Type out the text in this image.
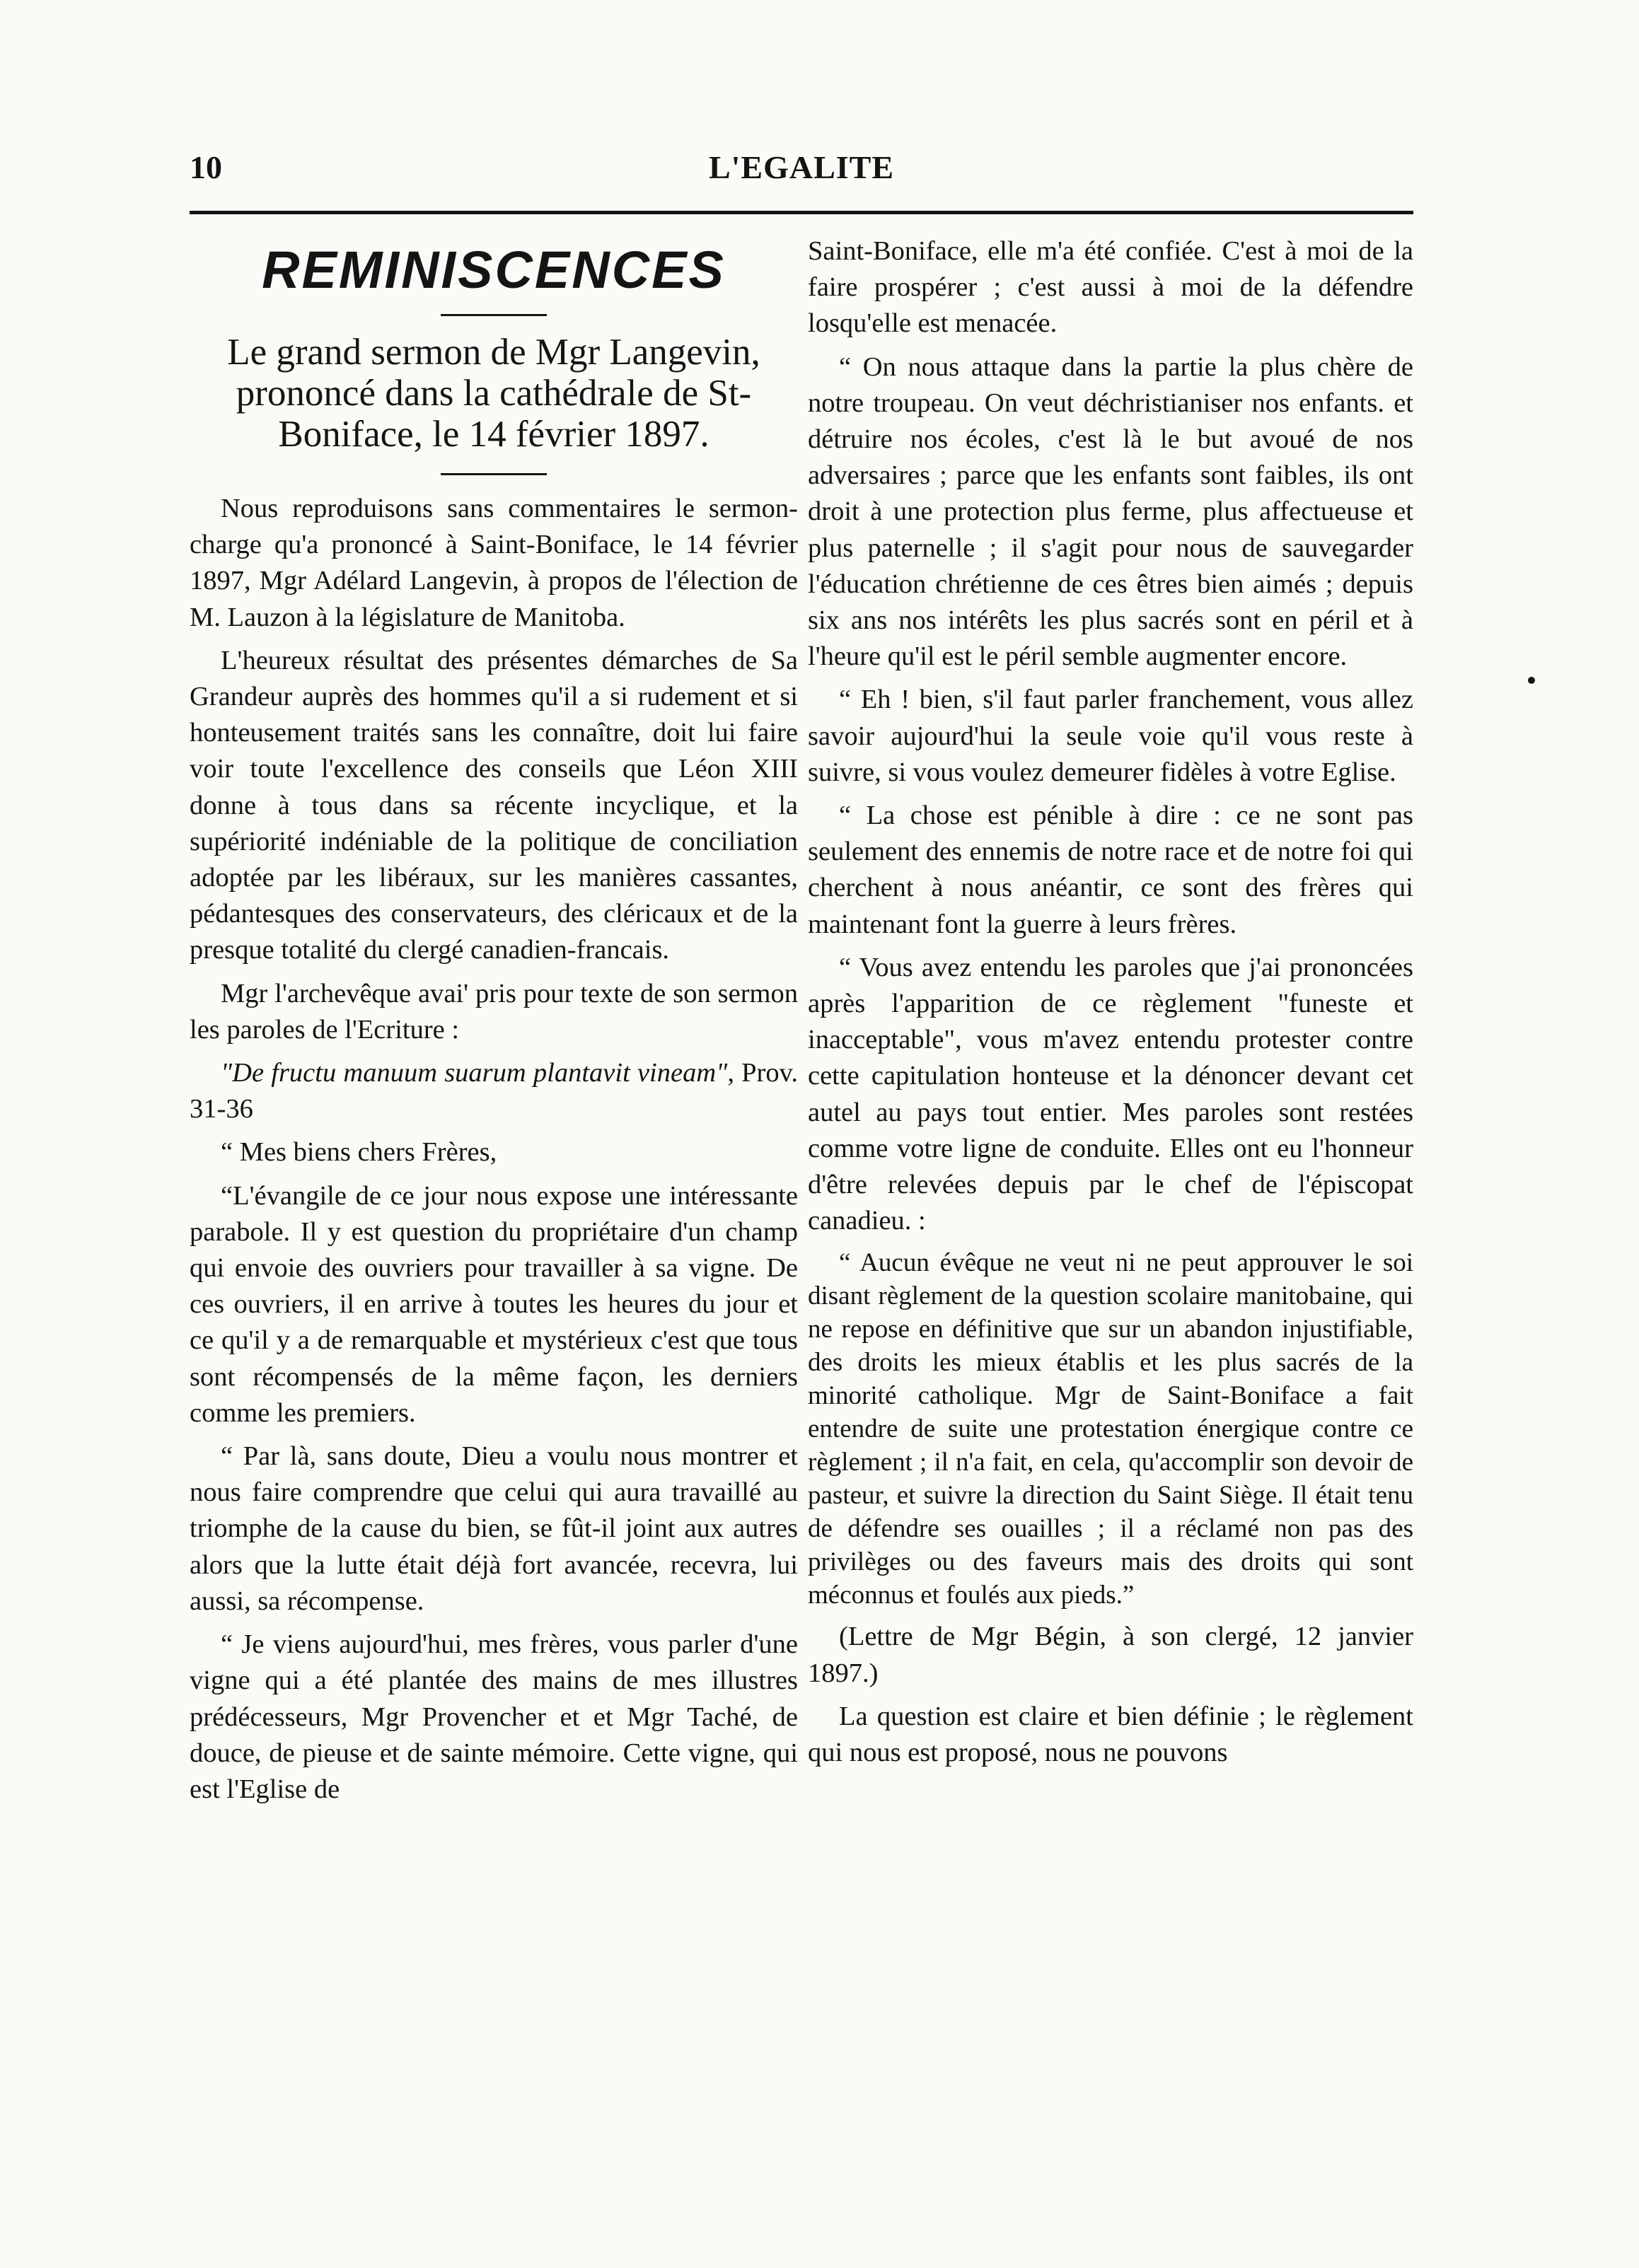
10	L'EGALITE
REMINISCENCES
Le grand sermon de Mgr Langevin, prononcé dans la cathédrale de St-Boniface, le 14 février 1897.

Nous reproduisons sans commentaires le sermon-charge qu'a prononcé à Saint-Boniface, le 14 février 1897, Mgr Adélard Langevin, à propos de l'élection de M. Lauzon à la législature de Manitoba.

L'heureux résultat des présentes démarches de Sa Grandeur auprès des hommes qu'il a si rudement et si honteusement traités sans les connaître, doit lui faire voir toute l'excellence des conseils que Léon XIII donne à tous dans sa récente incyclique, et la supériorité indéniable de la politique de conciliation adoptée par les libéraux, sur les manières cassantes, pédantesques des conservateurs, des cléricaux et de la presque totalité du clergé canadien-francais.

Mgr l'archevêque avai' pris pour texte de son sermon les paroles de l'Ecriture :

"De fructu manuum suarum plantavit vineam", Prov. 31-36

“ Mes biens chers Frères,

“L'évangile de ce jour nous expose une intéressante parabole. Il y est question du propriétaire d'un champ qui envoie des ouvriers pour travailler à sa vigne. De ces ouvriers, il en arrive à toutes les heures du jour et ce qu'il y a de remarquable et mystérieux c'est que tous sont récompensés de la même façon, les derniers comme les premiers.

“ Par là, sans doute, Dieu a voulu nous montrer et nous faire comprendre que celui qui aura travaillé au triomphe de la cause du bien, se fût-il joint aux autres alors que la lutte était déjà fort avancée, recevra, lui aussi, sa récompense.

“ Je viens aujourd'hui, mes frères, vous parler d'une vigne qui a été plantée des mains de mes illustres prédécesseurs, Mgr Provencher et et Mgr Taché, de douce, de pieuse et de sainte mémoire. Cette vigne, qui est l'Eglise de

Saint-Boniface, elle m'a été confiée. C'est à moi de la faire prospérer ; c'est aussi à moi de la défendre losqu'elle est menacée.

“ On nous attaque dans la partie la plus chère de notre troupeau. On veut déchristianiser nos enfants. et détruire nos écoles, c'est là le but avoué de nos adversaires ; parce que les enfants sont faibles, ils ont droit à une protection plus ferme, plus affectueuse et plus paternelle ; il s'agit pour nous de sauvegarder l'éducation chrétienne de ces êtres bien aimés ; depuis six ans nos intérêts les plus sacrés sont en péril et à l'heure qu'il est le péril semble augmenter encore.

“ Eh ! bien, s'il faut parler franchement, vous allez savoir aujourd'hui la seule voie qu'il vous reste à suivre, si vous voulez demeurer fidèles à votre Eglise.

“ La chose est pénible à dire : ce ne sont pas seulement des ennemis de notre race et de notre foi qui cherchent à nous anéantir, ce sont des frères qui maintenant font la guerre à leurs frères.

“ Vous avez entendu les paroles que j'ai prononcées après l'apparition de ce règlement "funeste et inacceptable", vous m'avez entendu protester contre cette capitulation honteuse et la dénoncer devant cet autel au pays tout entier. Mes paroles sont restées comme votre ligne de conduite. Elles ont eu l'honneur d'être relevées depuis par le chef de l'épiscopat canadieu. :

“ Aucun évêque ne veut ni ne peut approuver le soi disant règlement de la question scolaire manitobaine, qui ne repose en définitive que sur un abandon injustifiable, des droits les mieux établis et les plus sacrés de la minorité catholique. Mgr de Saint-Boniface a fait entendre de suite une protestation énergique contre ce règlement ; il n'a fait, en cela, qu'accomplir son devoir de pasteur, et suivre la direction du Saint Siège. Il était tenu de défendre ses ouailles ; il a réclamé non pas des privilèges ou des faveurs mais des droits qui sont méconnus et foulés aux pieds.”

(Lettre de Mgr Bégin, à son clergé, 12 janvier 1897.)

La question est claire et bien définie ; le règlement qui nous est proposé, nous ne pouvons
